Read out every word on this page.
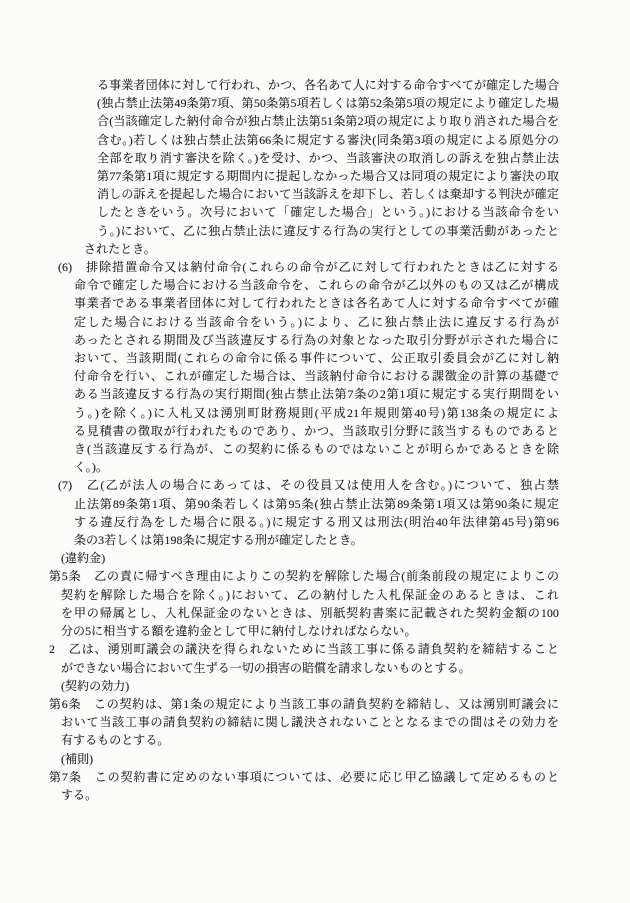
る事業者団体に対して行われ、かつ、各名あて人に対する命令すべてが確定した場合
(独占禁止法第49条第7項、第50条第5項若しくは第52条第5項の規定により確定した場
合(当該確定した納付命令が独占禁止法第51条第2項の規定により取り消された場合を
含む。)若しくは独占禁止法第66条に規定する審決(同条第3項の規定による原処分の
全部を取り消す審決を除く。)を受け、かつ、当該審決の取消しの訴えを独占禁止法
第77条第1項に規定する期間内に提起しなかった場合又は同項の規定により審決の取
消しの訴えを提起した場合において当該訴えを却下し、若しくは棄却する判決が確定
したときをいう。次号において「確定した場合」という。)における当該命令をい
う。)において、乙に独占禁止法に違反する行為の実行としての事業活動があったと
されたとき。
(6)　排除措置命令又は納付命令(これらの命令が乙に対して行われたときは乙に対する
命令で確定した場合における当該命令を、これらの命令が乙以外のもの又は乙が構成
事業者である事業者団体に対して行われたときは各名あて人に対する命令すべてが確
定した場合における当該命令をいう。)により、乙に独占禁止法に違反する行為が
あったとされる期間及び当該違反する行為の対象となった取引分野が示された場合に
おいて、当該期間(これらの命令に係る事件について、公正取引委員会が乙に対し納
付命令を行い、これが確定した場合は、当該納付命令における課徴金の計算の基礎で
ある当該違反する行為の実行期間(独占禁止法第7条の2第1項に規定する実行期間をい
う。)を除く。)に入札又は湧別町財務規則(平成21年規則第40号)第138条の規定によ
る見積書の徴取が行われたものであり、かつ、当該取引分野に該当するものであると
き(当該違反する行為が、この契約に係るものではないことが明らかであるときを除
く。)。
(7)　乙(乙が法人の場合にあっては、その役員又は使用人を含む。)について、独占禁
止法第89条第1項、第90条若しくは第95条(独占禁止法第89条第1項又は第90条に規定
する違反行為をした場合に限る。)に規定する刑又は刑法(明治40年法律第45号)第96
条の3若しくは第198条に規定する刑が確定したとき。
(違約金)
第5条　乙の責に帰すべき理由によりこの契約を解除した場合(前条前段の規定によりこの
契約を解除した場合を除く。)において、乙の納付した入札保証金のあるときは、これ
を甲の帰属とし、入札保証金のないときは、別紙契約書案に記載された契約金額の100
分の5に相当する額を違約金として甲に納付しなければならない。
2　乙は、湧別町議会の議決を得られないために当該工事に係る請負契約を締結すること
ができない場合において生ずる一切の損害の賠償を請求しないものとする。
(契約の効力)
第6条　この契約は、第1条の規定により当該工事の請負契約を締結し、又は湧別町議会に
おいて当該工事の請負契約の締結に関し議決されないこととなるまでの間はその効力を
有するものとする。
(補則)
第7条　この契約書に定めのない事項については、必要に応じ甲乙協議して定めるものと
する。
